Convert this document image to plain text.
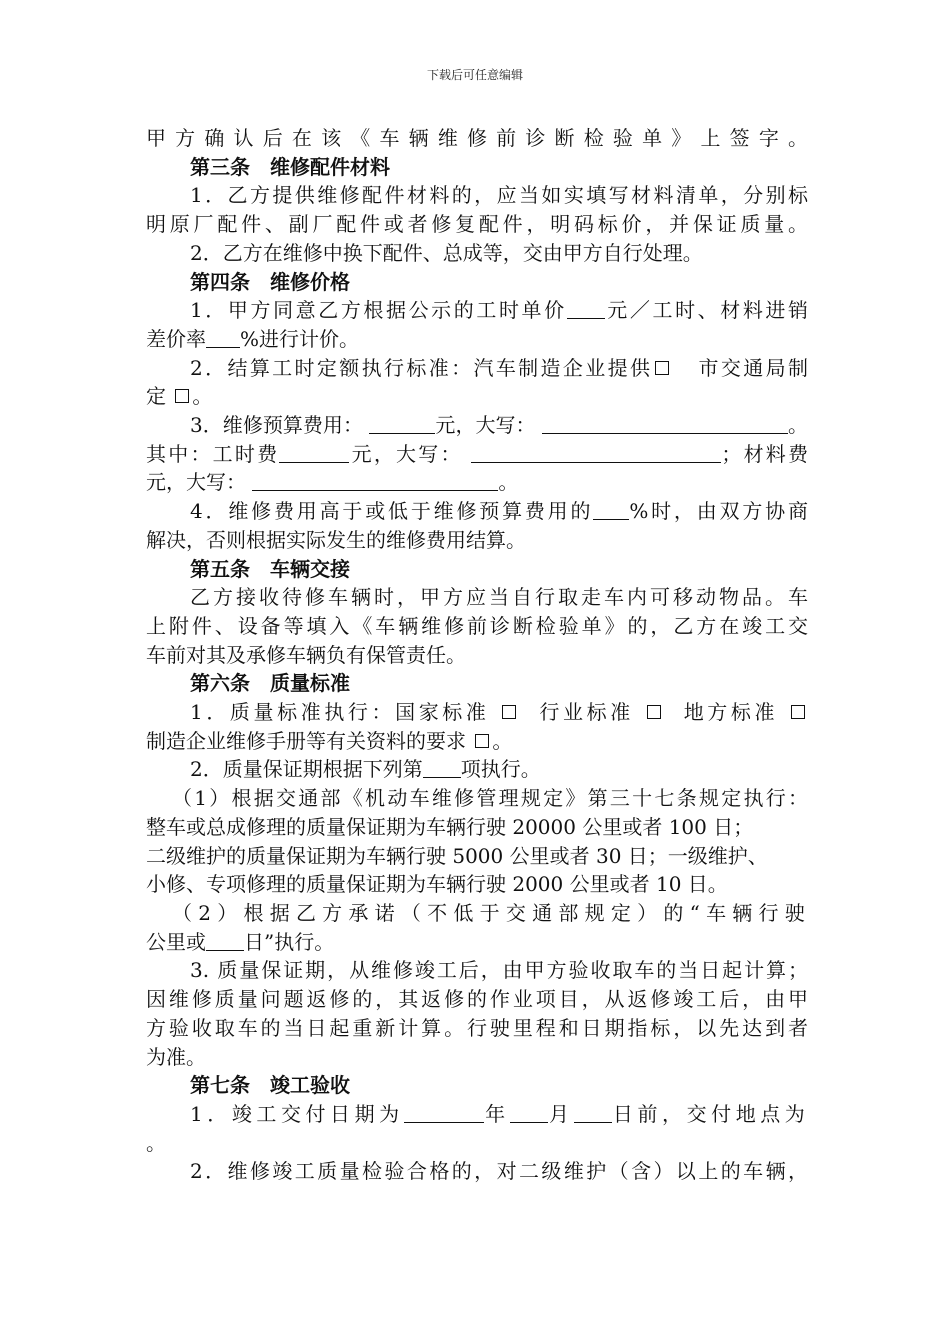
下载后可任意编辑

甲方确认后在该《车辆维修前诊断检验单》上签字。

第三条 维修配件材料

1．乙方提供维修配件材料的，应当如实填写材料清单，分别标

明原厂配件、副厂配件或者修复配件，明码标价，并保证质量。

2．乙方在维修中换下配件、总成等，交由甲方自行处理。

第四条 维修价格

1．甲方同意乙方根据公示的工时单价 元／工时、材料进销

差价率 %进行计价。

2．结算工时定额执行标准：汽车制造企业提供 市交通局制

定 。

3．维修预算费用：	元，大写：	。

其中：工时费	元，大写：	；材料费

元，大写：	。

4．维修费用高于或低于维修预算费用的 %时，由双方协商

解决，否则根据实际发生的维修费用结算。

第五条 车辆交接

乙方接收待修车辆时，甲方应当自行取走车内可移动物品。车

上附件、设备等填入《车辆维修前诊断检验单》的，乙方在竣工交

车前对其及承修车辆负有保管责任。

第六条 质量标准

1．质量标准执行：国家标准 行业标准 地方标准

制造企业维修手册等有关资料的要求 。

2．质量保证期根据下列第 项执行。

（1）根据交通部《机动车维修管理规定》第三十七条规定执行：

整车或总成修理的质量保证期为车辆行驶 20000 公里或者 100 日；

二级维护的质量保证期为车辆行驶 5000 公里或者 30 日；一级维护、

小修、专项修理的质量保证期为车辆行驶 2000 公里或者 10 日。

（2）根据乙方承诺（不低于交通部规定）的“车辆行驶

公里或 日”执行。

3. 质量保证期，从维修竣工后，由甲方验收取车的当日起计算；

因维修质量问题返修的，其返修的作业项目，从返修竣工后，由甲

方验收取车的当日起重新计算。行驶里程和日期指标，以先达到者

为准。

第七条 竣工验收

1．竣工交付日期为	年 月 日前，交付地点为

。

2．维修竣工质量检验合格的，对二级维护（含）以上的车辆，
